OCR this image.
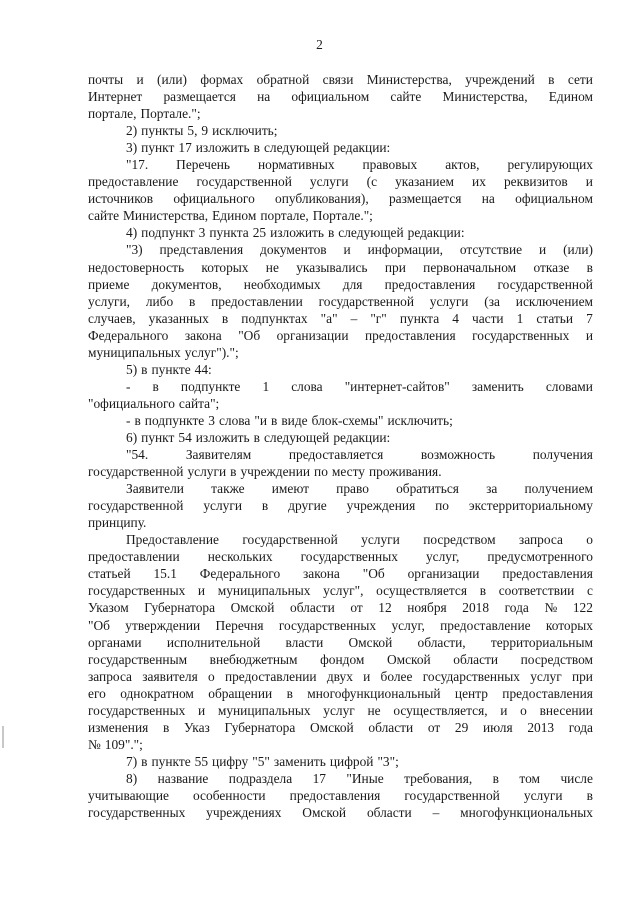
2
почты и (или) формах обратной связи Министерства, учреждений в сети
Интернет размещается на официальном сайте Министерства, Едином
портале, Портале.";
2) пункты 5, 9 исключить;
3) пункт 17 изложить в следующей редакции:
"17. Перечень нормативных правовых актов, регулирующих
предоставление государственной услуги (с указанием их реквизитов и
источников официального опубликования), размещается на официальном
сайте Министерства, Едином портале, Портале.";
4) подпункт 3 пункта 25 изложить в следующей редакции:
"3) представления документов и информации, отсутствие и (или)
недостоверность которых не указывались при первоначальном отказе в
приеме документов, необходимых для предоставления государственной
услуги, либо в предоставлении государственной услуги (за исключением
случаев, указанных в подпунктах "а" – "г" пункта 4 части 1 статьи 7
Федерального закона "Об организации предоставления государственных и
муниципальных услуг").";
5) в пункте 44:
- в подпункте 1 слова "интернет-сайтов" заменить словами
"официального сайта";
- в подпункте 3 слова "и в виде блок-схемы" исключить;
6) пункт 54 изложить в следующей редакции:
"54.	Заявителям	предоставляется	возможность	получения
государственной услуги в учреждении по месту проживания.
Заявители также имеют право обратиться за получением
государственной услуги в другие учреждения по экстерриториальному
принципу.
Предоставление государственной услуги посредством запроса о
предоставлении нескольких государственных услуг, предусмотренного
статьей 15.1 Федерального закона "Об организации предоставления
государственных и муниципальных услуг", осуществляется в соответствии с
Указом Губернатора Омской области от 12 ноября 2018 года № 122
"Об утверждении Перечня государственных услуг, предоставление которых
органами исполнительной власти Омской области, территориальным
государственным внебюджетным фондом Омской области посредством
запроса заявителя о предоставлении двух и более государственных услуг при
его однократном обращении в многофункциональный центр предоставления
государственных и муниципальных услуг не осуществляется, и о внесении
изменения в Указ Губернатора Омской области от 29 июля 2013 года
№ 109".";
7) в пункте 55 цифру "5" заменить цифрой "3";
8) название подраздела 17 "Иные требования, в том числе
учитывающие особенности предоставления государственной услуги в
государственных учреждениях Омской области – многофункциональных
